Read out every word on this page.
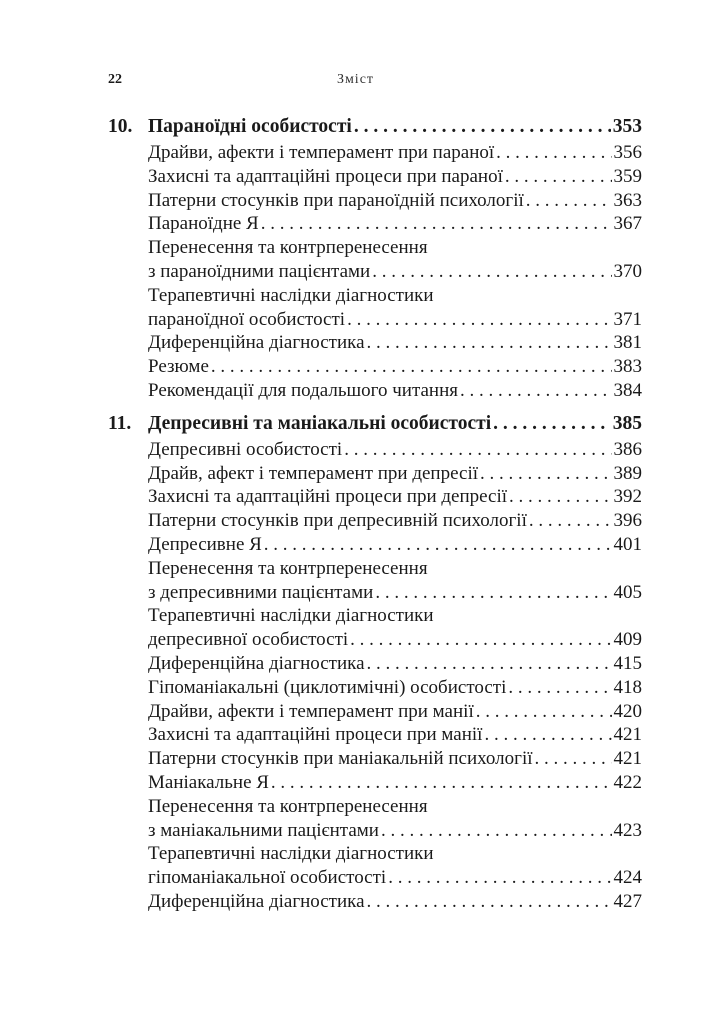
22	Зміст
10. Параноїдні особистості . . .	353
Драйви, афекти і темперамент при параної . . .	356
Захисні та адаптаційні процеси при параної . . .	359
Патерни стосунків при параноїдній психології . . .	363
Параноїдне Я . . .	367
Перенесення та контрперенесення
з параноїдними пацієнтами . . .	370
Терапевтичні наслідки діагностики
параноїдної особистості . . .	371
Диференційна діагностика . . .	381
Резюме . . .	383
Рекомендації для подальшого читання . . .	384
11. Депресивні та маніакальні особистості . . .	385
Депресивні особистості . . .	386
Драйв, афект і темперамент при депресії . . .	389
Захисні та адаптаційні процеси при депресії . . .	392
Патерни стосунків при депресивній психології . . .	396
Депресивне Я . . .	401
Перенесення та контрперенесення
з депресивними пацієнтами . . .	405
Терапевтичні наслідки діагностики
депресивної особистості . . .	409
Диференційна діагностика . . .	415
Гіпоманіакальні (циклотимічні) особистості . . .	418
Драйви, афекти і темперамент при манії . . .	420
Захисні та адаптаційні процеси при манії . . .	421
Патерни стосунків при маніакальній психології . . .	421
Маніакальне Я . . .	422
Перенесення та контрперенесення
з маніакальними пацієнтами . . .	423
Терапевтичні наслідки діагностики
гіпоманіакальної особистості . . .	424
Диференційна діагностика . . .	427
